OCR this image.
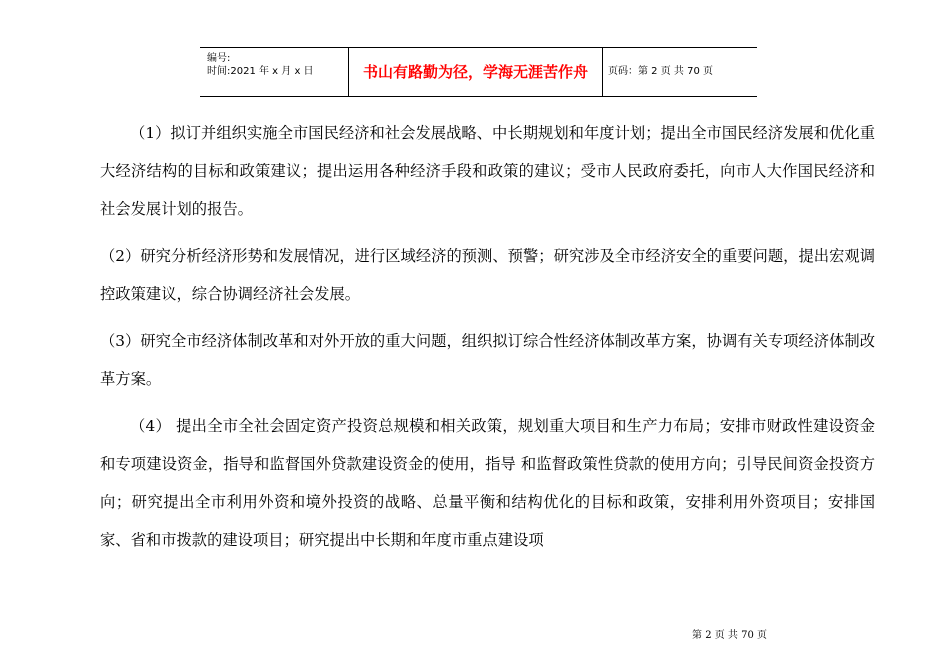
编号:
时间:2021 年 x 月 x 日	书山有路勤为径，学海无涯苦作舟	页码：第 2 页 共 70 页

（1）拟订并组织实施全市国民经济和社会发展战略、中长期规划和年度计划；提出全市国民经济发展和优化重大经济结构的目标和政策建议；提出运用各种经济手段和政策的建议；受市人民政府委托，向市人大作国民经济和社会发展计划的报告。

（2）研究分析经济形势和发展情况，进行区域经济的预测、预警；研究涉及全市经济安全的重要问题，提出宏观调控政策建议，综合协调经济社会发展。

（3）研究全市经济体制改革和对外开放的重大问题，组织拟订综合性经济体制改革方案，协调有关专项经济体制改革方案。

（4） 提出全市全社会固定资产投资总规模和相关政策，规划重大项目和生产力布局；安排市财政性建设资金和专项建设资金，指导和监督国外贷款建设资金的使用，指导 和监督政策性贷款的使用方向；引导民间资金投资方向；研究提出全市利用外资和境外投资的战略、总量平衡和结构优化的目标和政策，安排利用外资项目；安排国 家、省和市拨款的建设项目；研究提出中长期和年度市重点建设项

第 2 页 共 70 页
